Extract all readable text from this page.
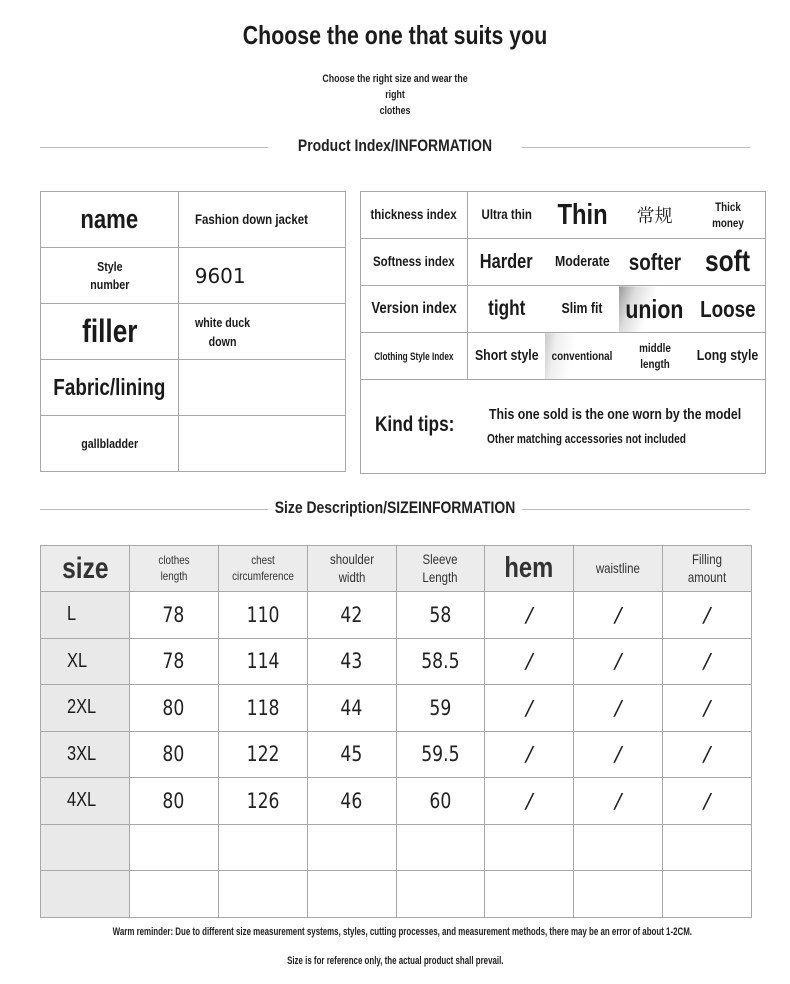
Choose the one that suits you
Choose the right size and wear the right
clothes
Product Index/INFORMATION
name	Fashion down jacket

Style
number	9601
filler	white duck
down

Fabric/lining	
gallbladder	
thickness index	Ultra thin	Thin	常规	Thick money
Softness index	Harder	Moderate	softer	soft
Version index	tight	Slim fit	union	Loose
Clothing Style Index	Short style	conventional	middle length	Long style

Kind tips: This one sold is the one worn by the model
Other matching accessories not included				
Size Description/SIZEINFORMATION
size	clothes length	chest circumference	shoulder width	Sleeve Length	hem	waistline	Filling amount
L	78	110	42	58	/	/	/
XL	78	114	43	58.5	/	/	/
2XL	80	118	44	59	/	/	/
3XL	80	122	45	59.5	/	/	/
4XL	80	126	46	60	/	/	/

Warm reminder: Due to different size measurement systems, styles, cutting processes, and measurement methods, there may be an error of about 1-2CM.
Size is for reference only, the actual product shall prevail.
